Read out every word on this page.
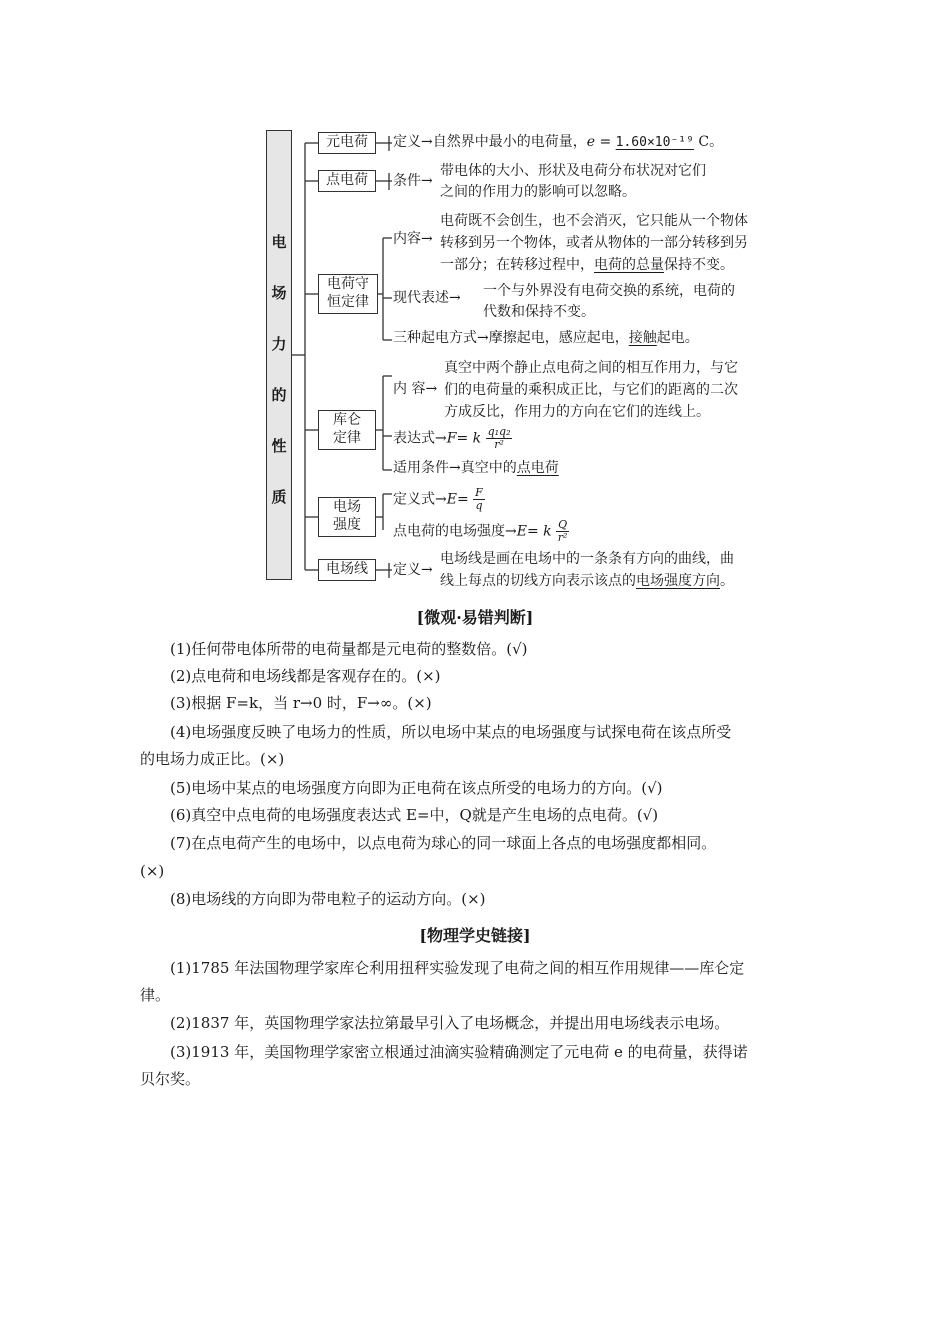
电
场
力
的
性
质
元电荷	定义→自然界中最小的电荷量，e = 1.60×10⁻¹⁹ C。
点电荷	条件→
带电体的大小、形状及电荷分布状况对它们
之间的作用力的影响可以忽略。
电荷守
恒定律
内容→
电荷既不会创生，也不会消灭，它只能从一个物体
转移到另一个物体，或者从物体的一部分转移到另
一部分；在转移过程中，电荷的总量保持不变。
现代表述→ 一个与外界没有电荷交换的系统，电荷的
代数和保持不变。
三种起电方式→摩擦起电，感应起电，接触起电。
库仑
定律
内 容→
真空中两个静止点电荷之间的相互作用力，与它
们的电荷量的乘积成正比，与它们的距离的二次
方成反比，作用力的方向在它们的连线上。
表达式→F= k $\frac{\text{q₁q₂}}{\text{r²}}$
适用条件→真空中的点电荷
电场
强度
定义式$\to E= \frac{F}{q}$
点电荷的电场强度→E= k $\frac{Q}{\text{r²}}$
电场线	定义→
电场线是画在电场中的一条条有方向的曲线，曲
线上每点的切线方向表示该点的电场强度方向。
[微观·易错判断]
(1)任何带电体所带的电荷量都是元电荷的整数倍。(√)
(2)点电荷和电场线都是客观存在的。(×)
(3)根据 F=k，当 r→0 时，F→∞。(×)
(4)电场强度反映了电场力的性质，所以电场中某点的电场强度与试探电荷在该点所受
的电场力成正比。(×)
(5)电场中某点的电场强度方向即为正电荷在该点所受的电场力的方向。(√)
(6)真空中点电荷的电场强度表达式 E=中，Q就是产生电场的点电荷。(√)
(7)在点电荷产生的电场中，以点电荷为球心的同一球面上各点的电场强度都相同。
(×)
(8)电场线的方向即为带电粒子的运动方向。(×)
[物理学史链接]
(1)1785 年法国物理学家库仑利用扭秤实验发现了电荷之间的相互作用规律——库仑定
律。
(2)1837 年，英国物理学家法拉第最早引入了电场概念，并提出用电场线表示电场。
(3)1913 年，美国物理学家密立根通过油滴实验精确测定了元电荷 e 的电荷量，获得诺
贝尔奖。
